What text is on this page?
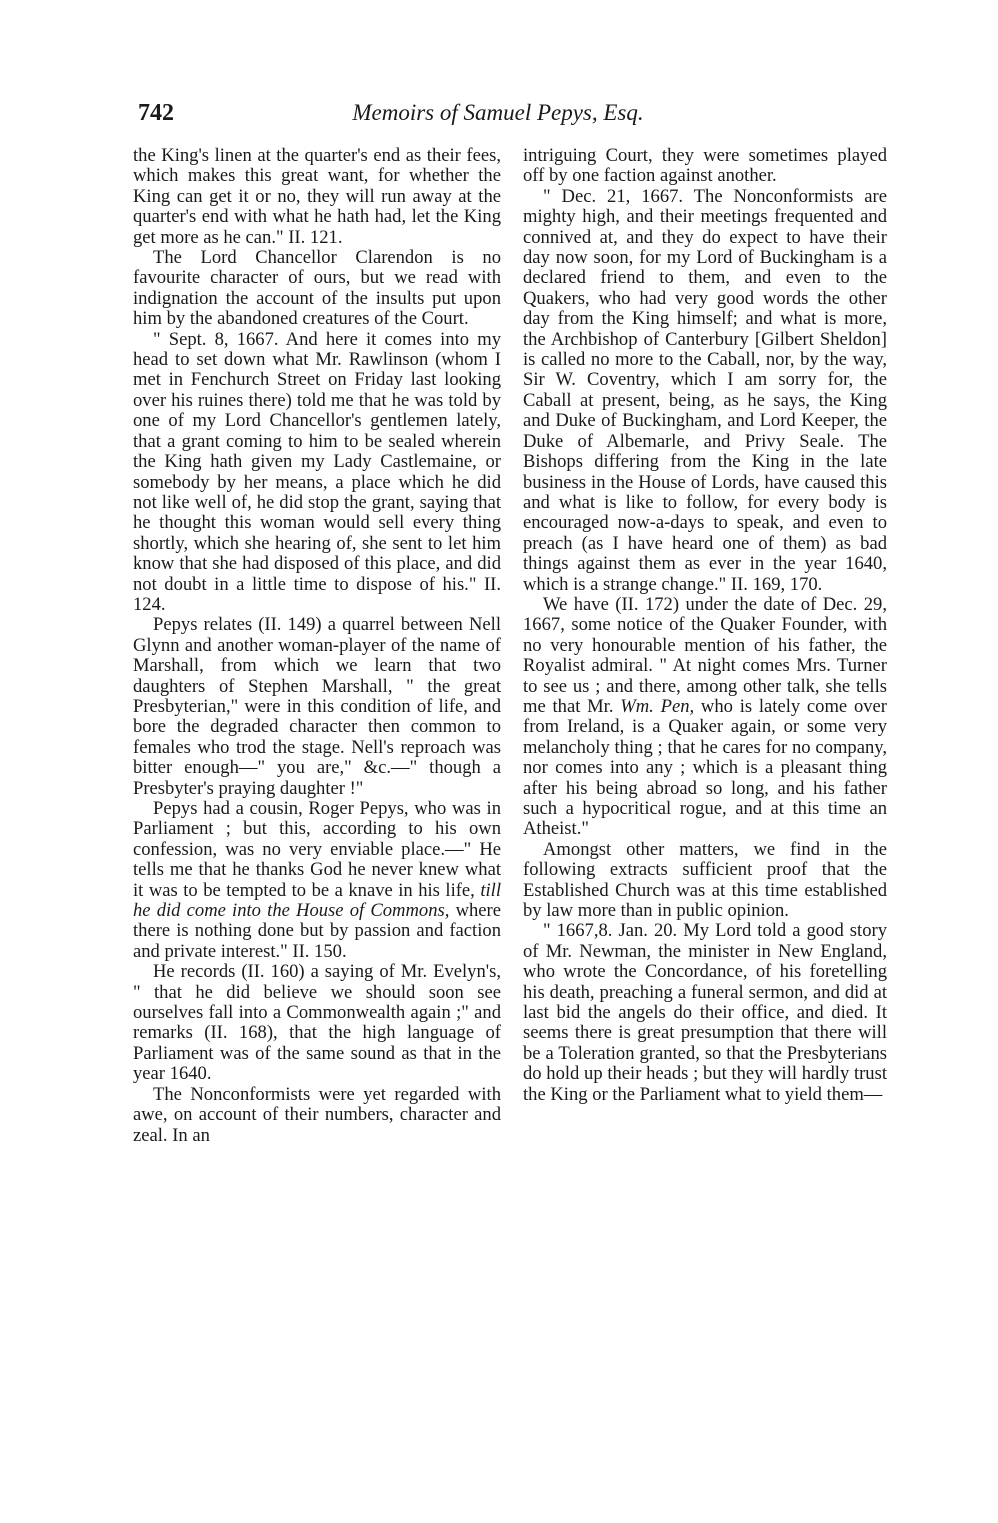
742	Memoirs of Samuel Pepys, Esq.

the King's linen at the quarter's end as their fees, which makes this great want, for whether the King can get it or no, they will run away at the quarter's end with what he hath had, let the King get more as he can." II. 121.

The Lord Chancellor Clarendon is no favourite character of ours, but we read with indignation the account of the insults put upon him by the abandoned creatures of the Court.

" Sept. 8, 1667. And here it comes into my head to set down what Mr. Rawlinson (whom I met in Fenchurch Street on Friday last looking over his ruines there) told me that he was told by one of my Lord Chancellor's gentlemen lately, that a grant coming to him to be sealed wherein the King hath given my Lady Castlemaine, or somebody by her means, a place which he did not like well of, he did stop the grant, saying that he thought this woman would sell every thing shortly, which she hearing of, she sent to let him know that she had disposed of this place, and did not doubt in a little time to dispose of his." II. 124.

Pepys relates (II. 149) a quarrel between Nell Glynn and another woman-player of the name of Marshall, from which we learn that two daughters of Stephen Marshall, " the great Presbyterian," were in this condition of life, and bore the degraded character then common to females who trod the stage. Nell's reproach was bitter enough—" you are," &c.—" though a Presbyter's praying daughter !"

Pepys had a cousin, Roger Pepys, who was in Parliament ; but this, according to his own confession, was no very enviable place.—" He tells me that he thanks God he never knew what it was to be tempted to be a knave in his life, till he did come into the House of Commons, where there is nothing done but by passion and faction and private interest." II. 150.

He records (II. 160) a saying of Mr. Evelyn's, " that he did believe we should soon see ourselves fall into a Commonwealth again ;" and remarks (II. 168), that the high language of Parliament was of the same sound as that in the year 1640.

The Nonconformists were yet regarded with awe, on account of their numbers, character and zeal. In an

intriguing Court, they were sometimes played off by one faction against another.

" Dec. 21, 1667. The Nonconformists are mighty high, and their meetings frequented and connived at, and they do expect to have their day now soon, for my Lord of Buckingham is a declared friend to them, and even to the Quakers, who had very good words the other day from the King himself; and what is more, the Archbishop of Canterbury [Gilbert Sheldon] is called no more to the Caball, nor, by the way, Sir W. Coventry, which I am sorry for, the Caball at present, being, as he says, the King and Duke of Buckingham, and Lord Keeper, the Duke of Albemarle, and Privy Seale. The Bishops differing from the King in the late business in the House of Lords, have caused this and what is like to follow, for every body is encouraged now-a-days to speak, and even to preach (as I have heard one of them) as bad things against them as ever in the year 1640, which is a strange change." II. 169, 170.

We have (II. 172) under the date of Dec. 29, 1667, some notice of the Quaker Founder, with no very honourable mention of his father, the Royalist admiral. " At night comes Mrs. Turner to see us ; and there, among other talk, she tells me that Mr. Wm. Pen, who is lately come over from Ireland, is a Quaker again, or some very melancholy thing ; that he cares for no company, nor comes into any ; which is a pleasant thing after his being abroad so long, and his father such a hypocritical rogue, and at this time an Atheist."

Amongst other matters, we find in the following extracts sufficient proof that the Established Church was at this time established by law more than in public opinion.

" 1667,8. Jan. 20. My Lord told a good story of Mr. Newman, the minister in New England, who wrote the Concordance, of his foretelling his death, preaching a funeral sermon, and did at last bid the angels do their office, and died. It seems there is great presumption that there will be a Toleration granted, so that the Presbyterians do hold up their heads ; but they will hardly trust the King or the Parliament what to yield them—
